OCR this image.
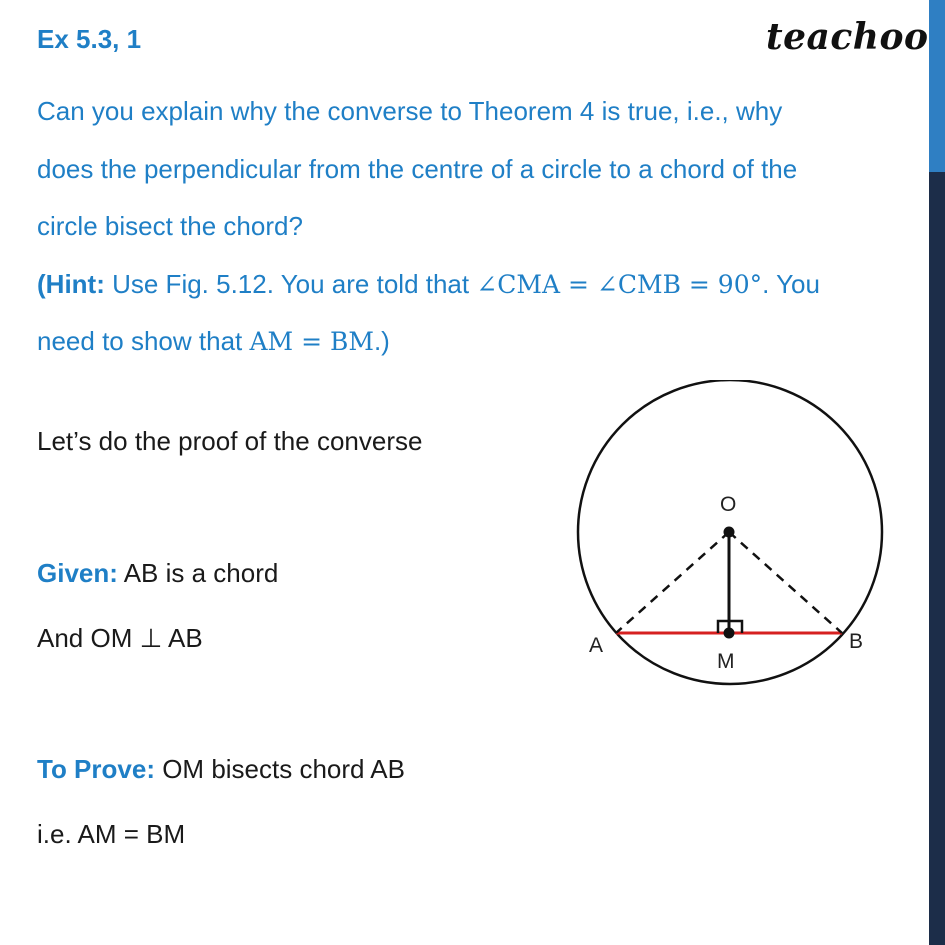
Ex 5.3, 1	teachoo
Can you explain why the converse to Theorem 4 is true, i.e., why
does the perpendicular from the centre of a circle to a chord of the
circle bisect the chord?
(Hint: Use Fig. 5.12. You are told that ∠CMA = ∠CMB = 90°. You
need to show that AM = BM.)
Let’s do the proof of the converse
Given: AB is a chord
And OM ⊥ AB
To Prove: OM bisects chord AB
i.e. AM = BM
O
A	B
M
